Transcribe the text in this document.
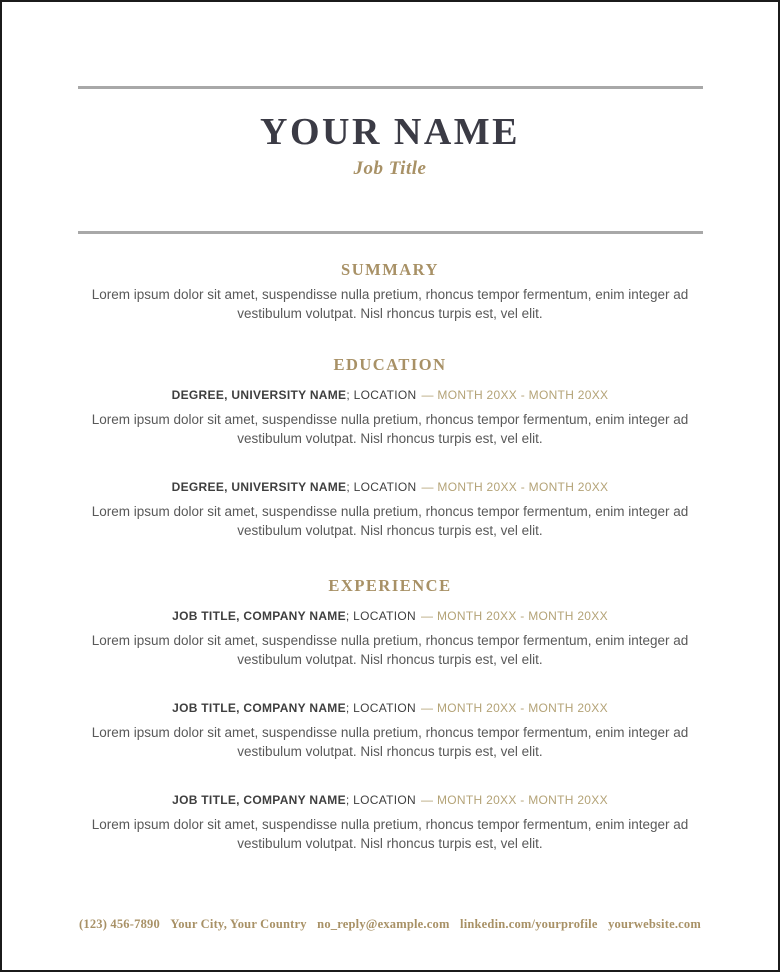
YOUR NAME
Job Title
SUMMARY

Lorem ipsum dolor sit amet, suspendisse nulla pretium, rhoncus tempor fermentum, enim integer ad vestibulum volutpat. Nisl rhoncus turpis est, vel elit.

EDUCATION
DEGREE, UNIVERSITY NAME; LOCATION — MONTH 20XX - MONTH 20XX

Lorem ipsum dolor sit amet, suspendisse nulla pretium, rhoncus tempor fermentum, enim integer ad vestibulum volutpat. Nisl rhoncus turpis est, vel elit.

DEGREE, UNIVERSITY NAME; LOCATION — MONTH 20XX - MONTH 20XX

Lorem ipsum dolor sit amet, suspendisse nulla pretium, rhoncus tempor fermentum, enim integer ad vestibulum volutpat. Nisl rhoncus turpis est, vel elit.

EXPERIENCE
JOB TITLE, COMPANY NAME; LOCATION — MONTH 20XX - MONTH 20XX

Lorem ipsum dolor sit amet, suspendisse nulla pretium, rhoncus tempor fermentum, enim integer ad vestibulum volutpat. Nisl rhoncus turpis est, vel elit.

JOB TITLE, COMPANY NAME; LOCATION — MONTH 20XX - MONTH 20XX

Lorem ipsum dolor sit amet, suspendisse nulla pretium, rhoncus tempor fermentum, enim integer ad vestibulum volutpat. Nisl rhoncus turpis est, vel elit.

JOB TITLE, COMPANY NAME; LOCATION — MONTH 20XX - MONTH 20XX

Lorem ipsum dolor sit amet, suspendisse nulla pretium, rhoncus tempor fermentum, enim integer ad vestibulum volutpat. Nisl rhoncus turpis est, vel elit.

(123) 456-7890 Your City, Your Country no_reply@example.com linkedin.com/yourprofile yourwebsite.com
